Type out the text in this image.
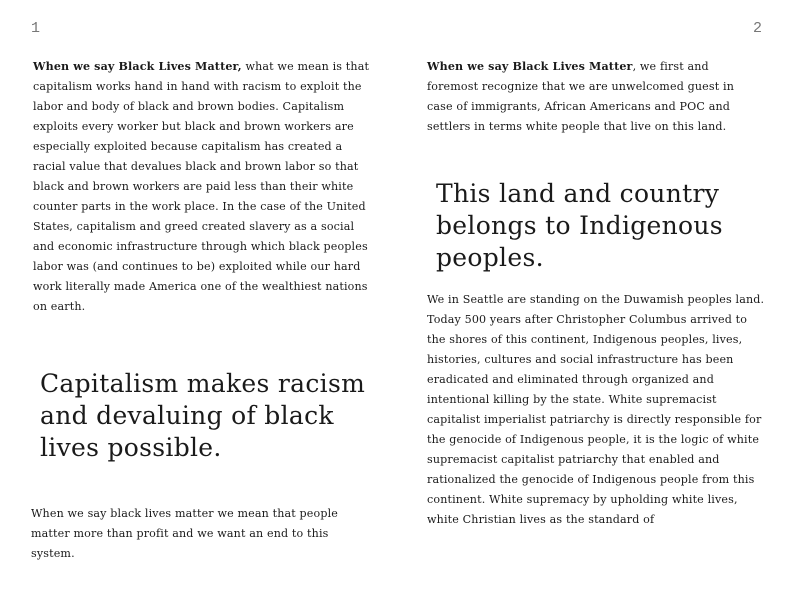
1

When we say Black Lives Matter, what we mean is that capitalism works hand in hand with racism to exploit the labor and body of black and brown bodies. Capitalism exploits every worker but black and brown workers are especially exploited because capitalism has created a racial value that devalues black and brown labor so that black and brown workers are paid less than their white counter parts in the work place. In the case of the United States, capitalism and greed created slavery as a social and economic infrastructure through which black peoples labor was (and continues to be) exploited while our hard work literally made America one of the wealthiest nations on earth.

Capitalism makes racism and devaluing of black lives possible.

When we say black lives matter we mean that people matter more than profit and we want an end to this system.

2

When we say Black Lives Matter, we first and foremost recognize that we are unwelcomed guest in case of immigrants, African Americans and POC and settlers in terms white people that live on this land.

This land and country belongs to Indigenous peoples.

We in Seattle are standing on the Duwamish peoples land. Today 500 years after Christopher Columbus arrived to the shores of this continent, Indigenous peoples, lives, histories, cultures and social infrastructure has been eradicated and eliminated through organized and intentional killing by the state. White supremacist capitalist imperialist patriarchy is directly responsible for the genocide of Indigenous people, it is the logic of white supremacist capitalist patriarchy that enabled and rationalized the genocide of Indigenous people from this continent. White supremacy by upholding white lives, white Christian lives as the standard of
